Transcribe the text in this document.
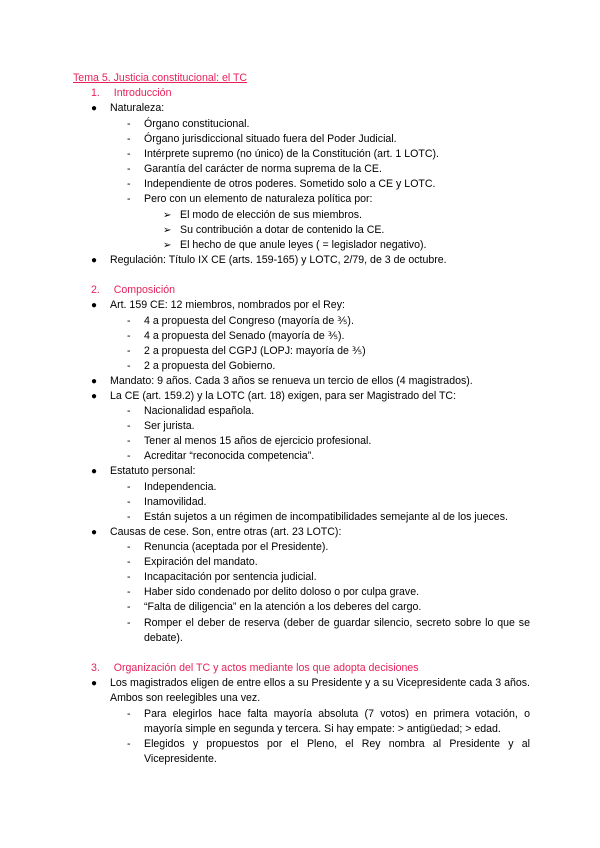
Tema 5. Justicia constitucional: el TC
1. Introducción
● Naturaleza:
- Órgano constitucional.
- Órgano jurisdiccional situado fuera del Poder Judicial.
- Intérprete supremo (no único) de la Constitución (art. 1 LOTC).
- Garantía del carácter de norma suprema de la CE.
- Independiente de otros poderes. Sometido solo a CE y LOTC.
- Pero con un elemento de naturaleza política por:
➢ El modo de elección de sus miembros.
➢ Su contribución a dotar de contenido la CE.
➢ El hecho de que anule leyes ( = legislador negativo).
● Regulación: Título IX CE (arts. 159-165) y LOTC, 2/79, de 3 de octubre.
2. Composición
● Art. 159 CE: 12 miembros, nombrados por el Rey:
- 4 a propuesta del Congreso (mayoría de ⅗).
- 4 a propuesta del Senado (mayoría de ⅗).
- 2 a propuesta del CGPJ (LOPJ: mayoría de ⅗)
- 2 a propuesta del Gobierno.
● Mandato: 9 años. Cada 3 años se renueva un tercio de ellos (4 magistrados).
● La CE (art. 159.2) y la LOTC (art. 18) exigen, para ser Magistrado del TC:
- Nacionalidad española.
- Ser jurista.
- Tener al menos 15 años de ejercicio profesional.
- Acreditar “reconocida competencia”.
● Estatuto personal:
- Independencia.
- Inamovilidad.
- Están sujetos a un régimen de incompatibilidades semejante al de los jueces.
● Causas de cese. Son, entre otras (art. 23 LOTC):
- Renuncia (aceptada por el Presidente).
- Expiración del mandato.
- Incapacitación por sentencia judicial.
- Haber sido condenado por delito doloso o por culpa grave.
- “Falta de diligencia” en la atención a los deberes del cargo.
- Romper el deber de reserva (deber de guardar silencio, secreto sobre lo que se debate).
3. Organización del TC y actos mediante los que adopta decisiones
● Los magistrados eligen de entre ellos a su Presidente y a su Vicepresidente cada 3 años. Ambos son reelegibles una vez.
- Para elegirlos hace falta mayoría absoluta (7 votos) en primera votación, o mayoría simple en segunda y tercera. Si hay empate: > antigüedad; > edad.
- Elegidos y propuestos por el Pleno, el Rey nombra al Presidente y al Vicepresidente.
